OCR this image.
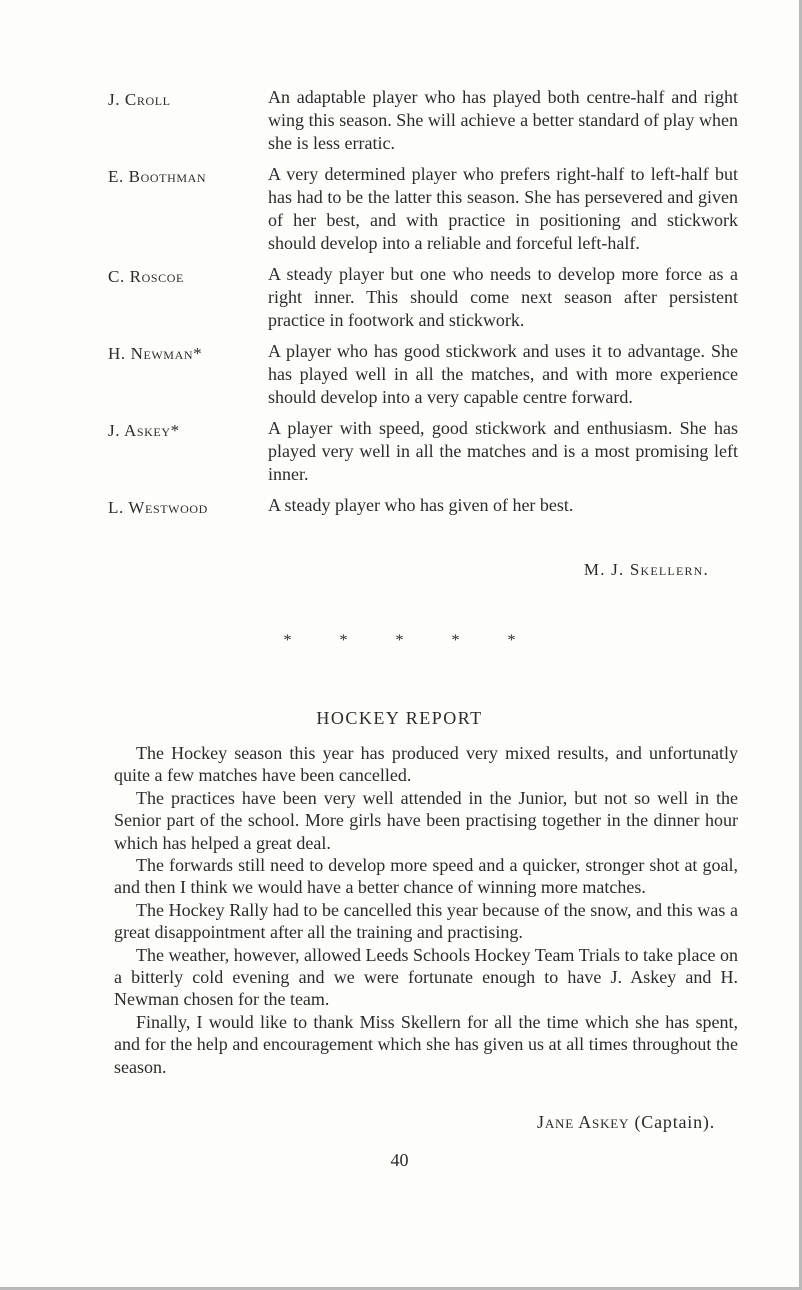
J. Croll	An adaptable player who has played both centre-half and right wing this season. She will achieve a better standard of play when she is less erratic.
E. Boothman	A very determined player who prefers right-half to left-half but has had to be the latter this season. She has persevered and given of her best, and with practice in positioning and stickwork should develop into a reliable and forceful left-half.
C. Roscoe	A steady player but one who needs to develop more force as a right inner. This should come next season after persistent practice in footwork and stickwork.
H. Newman*	A player who has good stickwork and uses it to advantage. She has played well in all the matches, and with more experience should develop into a very capable centre forward.
J. Askey*	A player with speed, good stickwork and enthusiasm. She has played very well in all the matches and is a most promising left inner.
L. Westwood	A steady player who has given of her best.
M. J. Skellern.
*	*	*	*	*
HOCKEY REPORT

The Hockey season this year has produced very mixed results, and unfortunatly quite a few matches have been cancelled.

The practices have been very well attended in the Junior, but not so well in the Senior part of the school. More girls have been practising together in the dinner hour which has helped a great deal.

The forwards still need to develop more speed and a quicker, stronger shot at goal, and then I think we would have a better chance of winning more matches.

The Hockey Rally had to be cancelled this year because of the snow, and this was a great disappointment after all the training and practising.

The weather, however, allowed Leeds Schools Hockey Team Trials to take place on a bitterly cold evening and we were fortunate enough to have J. Askey and H. Newman chosen for the team.

Finally, I would like to thank Miss Skellern for all the time which she has spent, and for the help and encouragement which she has given us at all times throughout the season.

Jane Askey (Captain).
40
